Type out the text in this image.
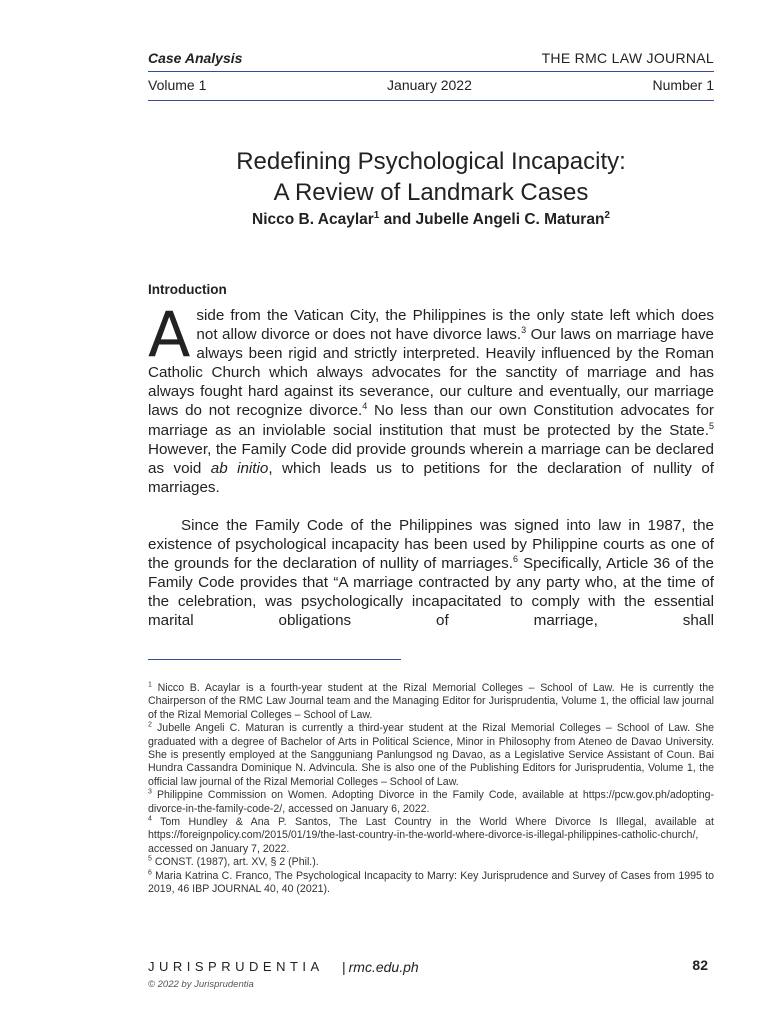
Case Analysis	THE RMC LAW JOURNAL
Volume 1	January 2022	Number 1
Redefining Psychological Incapacity:
A Review of Landmark Cases
Nicco B. Acaylar$^1$ and Jubelle Angeli C. Maturan$^2$
Introduction

Aside from the Vatican City, the Philippines is the only state left which does not allow divorce or does not have divorce laws.$^3$ Our laws on marriage have always been rigid and strictly interpreted. Heavily influenced by the Roman Catholic Church which always advocates for the sanctity of marriage and has always fought hard against its severance, our culture and eventually, our marriage laws do not recognize divorce.$^4$ No less than our own Constitution advocates for marriage as an inviolable social institution that must be protected by the State.$^5$ However, the Family Code did provide grounds wherein a marriage can be declared as void ab initio, which leads us to petitions for the declaration of nullity of marriages.

Since the Family Code of the Philippines was signed into law in 1987, the existence of psychological incapacity has been used by Philippine courts as one of the grounds for the declaration of nullity of marriages.$^6$ Specifically, Article 36 of the Family Code provides that “A marriage contracted by any party who, at the time of the celebration, was psychologically incapacitated to comply with the essential marital obligations of marriage, shall

$^1$ Nicco B. Acaylar is a fourth-year student at the Rizal Memorial Colleges – School of Law. He is currently the Chairperson of the RMC Law Journal team and the Managing Editor for Jurisprudentia, Volume 1, the official law journal of the Rizal Memorial Colleges – School of Law.

$^2$ Jubelle Angeli C. Maturan is currently a third-year student at the Rizal Memorial Colleges – School of Law. She graduated with a degree of Bachelor of Arts in Political Science, Minor in Philosophy from Ateneo de Davao University. She is presently employed at the Sangguniang Panlungsod ng Davao, as a Legislative Service Assistant of Coun. Bai Hundra Cassandra Dominique N. Advincula. She is also one of the Publishing Editors for Jurisprudentia, Volume 1, the official law journal of the Rizal Memorial Colleges – School of Law.

$^3$ Philippine Commission on Women. Adopting Divorce in the Family Code, available at https://pcw.gov.ph/adopting-divorce-in-the-family-code-2/, accessed on January 6, 2022.

$^4$ Tom Hundley & Ana P. Santos, The Last Country in the World Where Divorce Is Illegal, available at https://foreignpolicy.com/2015/01/19/the-last-country-in-the-world-where-divorce-is-illegal-philippines-catholic-church/, accessed on January 7, 2022.

$^5$ CONST. (1987), art. XV, § 2 (Phil.).

$^6$ Maria Katrina C. Franco, The Psychological Incapacity to Marry: Key Jurisprudence and Survey of Cases from 1995 to 2019, 46 IBP JOURNAL 40, 40 (2021).

JURISPRUDENTIA | rmc.edu.ph	82
© 2022 by Jurisprudentia
